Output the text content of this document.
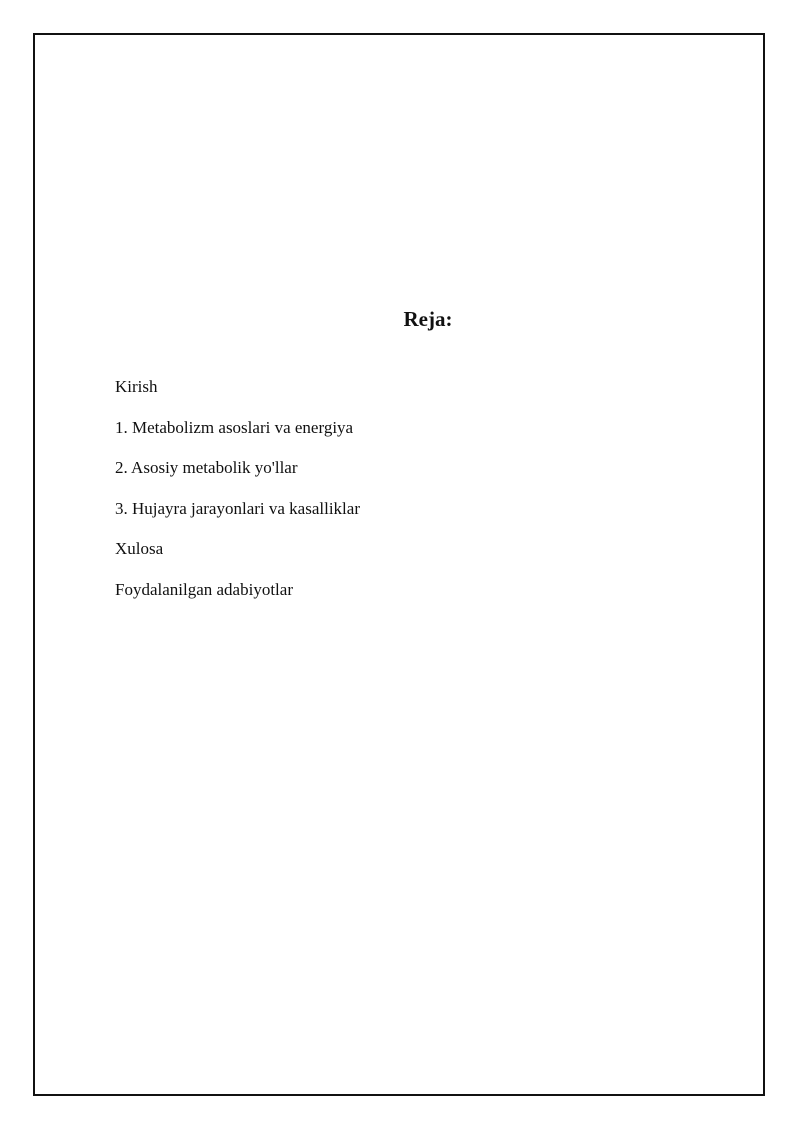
Reja:
Kirish
1. Metabolizm asoslari va energiya
2. Asosiy metabolik yo'llar
3. Hujayra jarayonlari va kasalliklar
Xulosa
Foydalanilgan adabiyotlar
